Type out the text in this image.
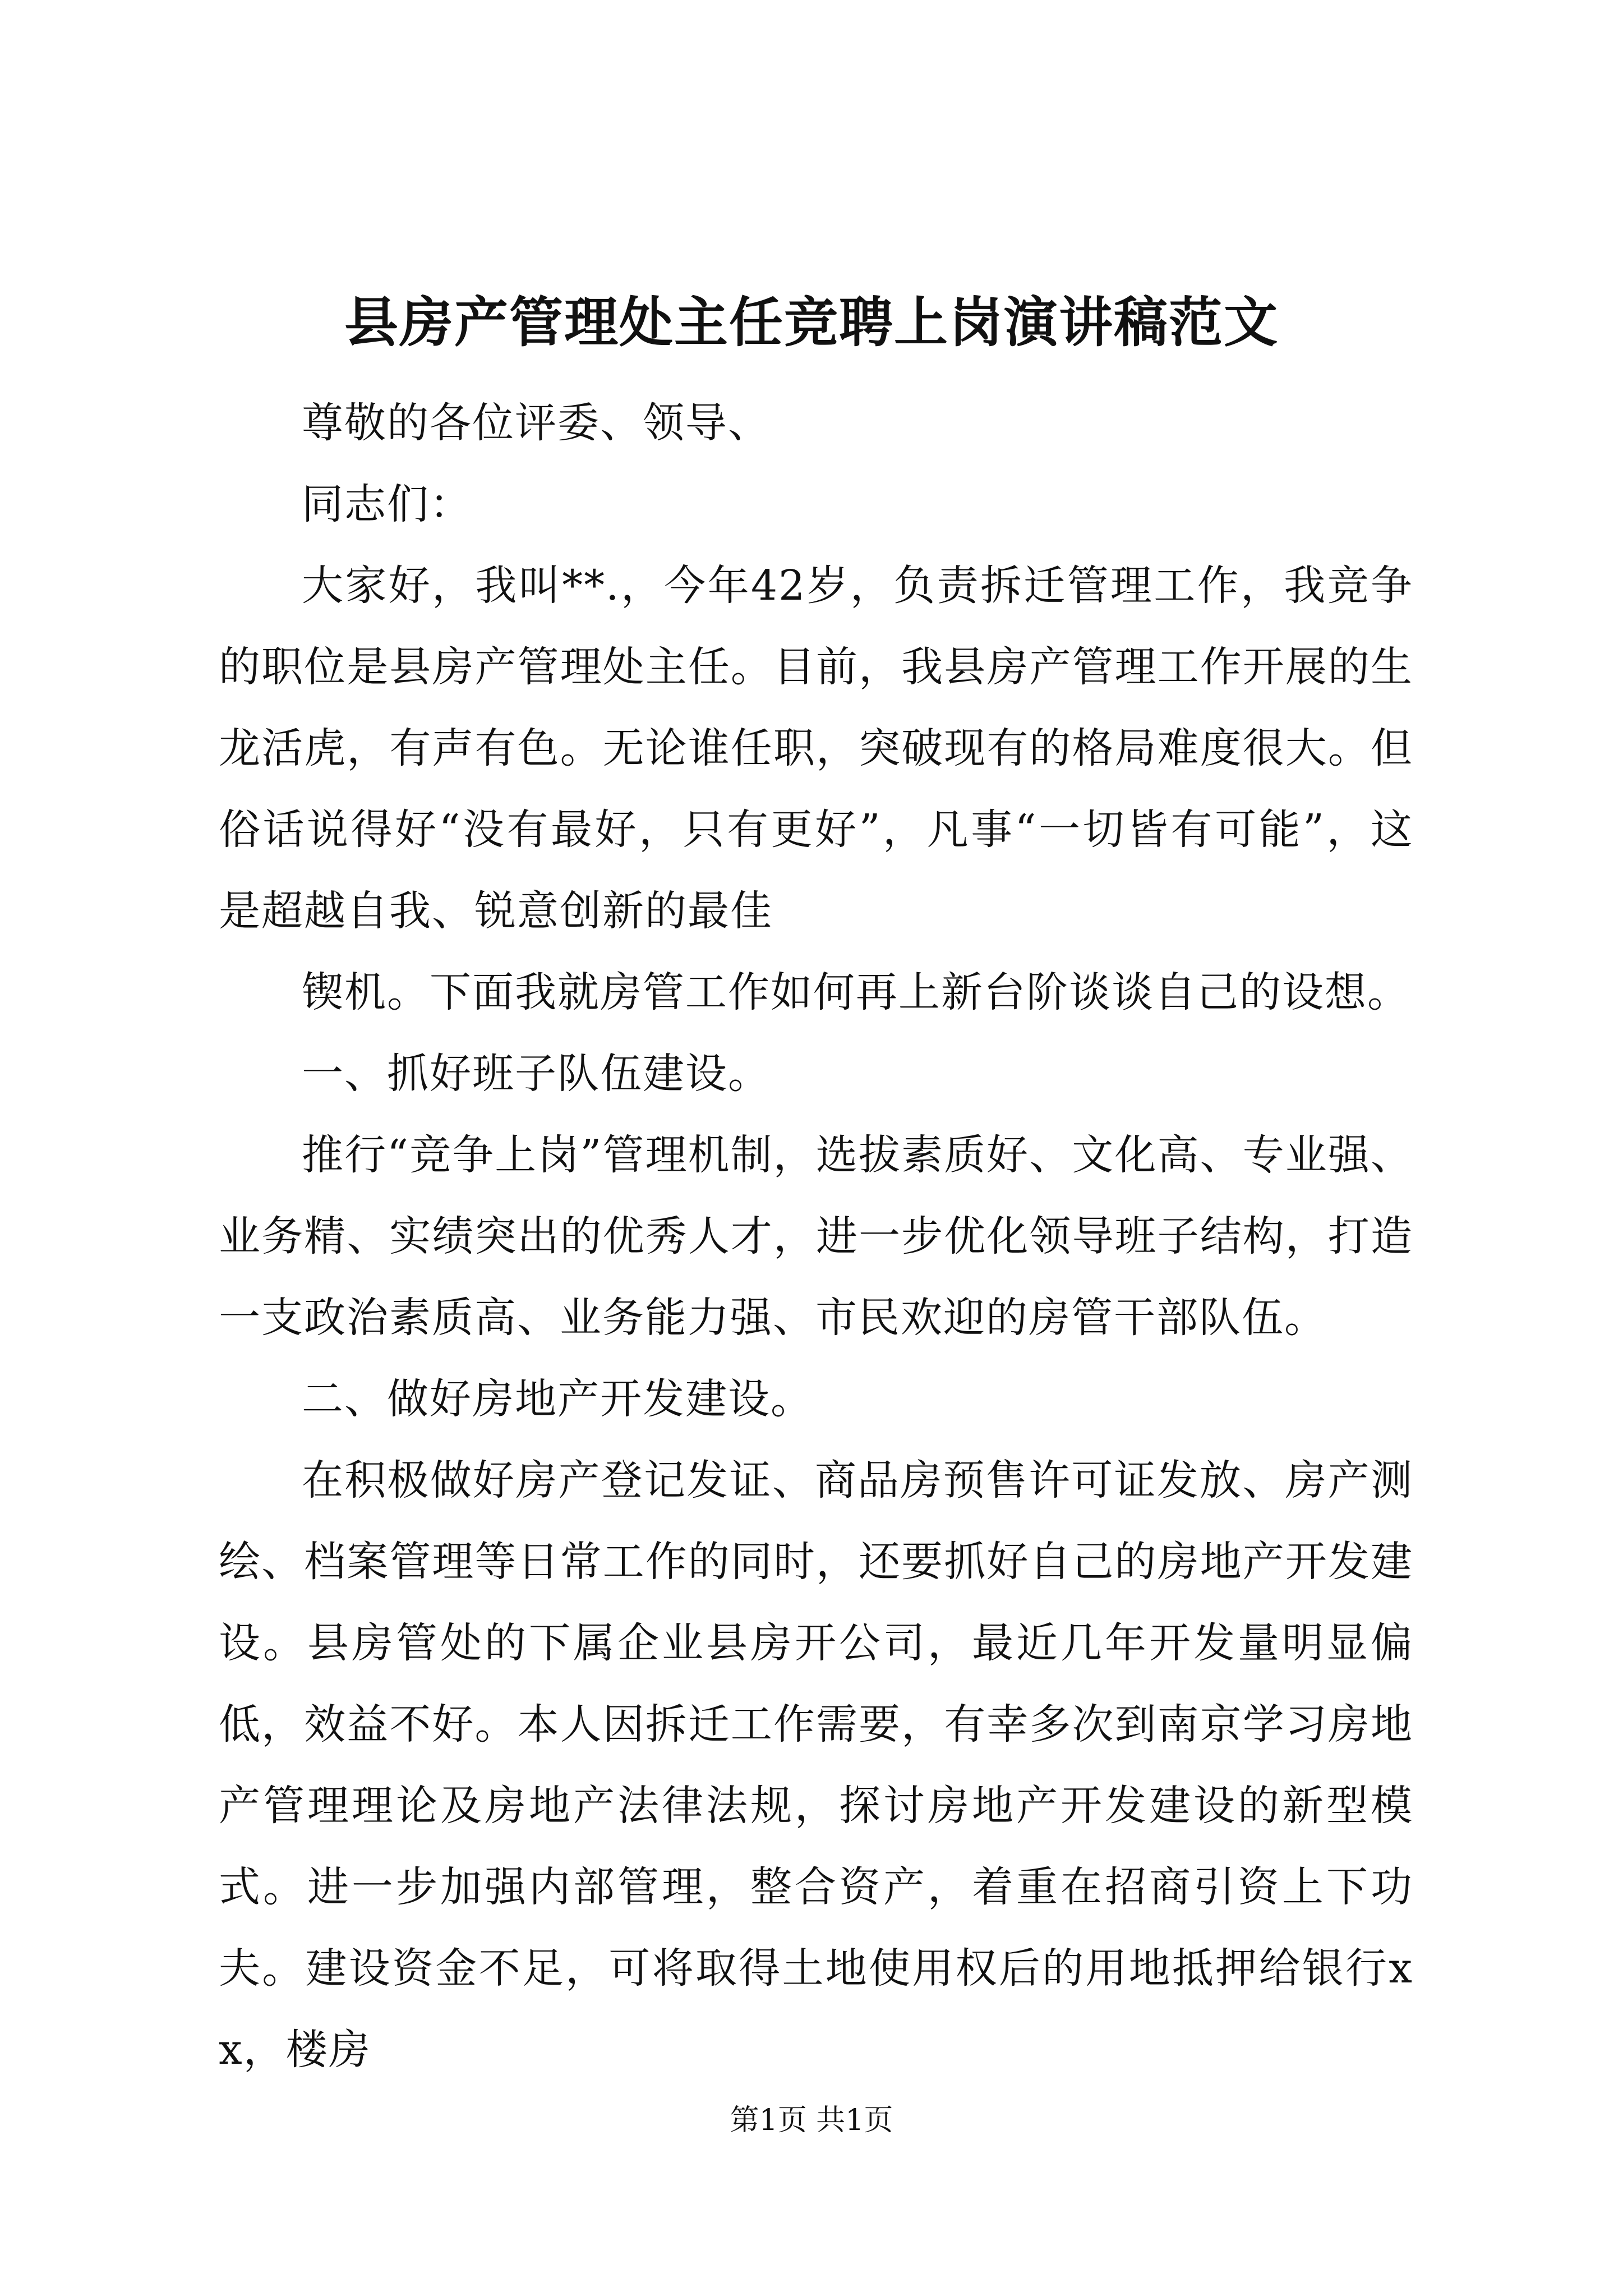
县房产管理处主任竞聘上岗演讲稿范文

尊敬的各位评委、领导、

同志们：

大家好，我叫**.，今年42岁，负责拆迁管理工作，我竞争的职位是县房产管理处主任。目前，我县房产管理工作开展的生龙活虎，有声有色。无论谁任职，突破现有的格局难度很大。但俗话说得好“没有最好，只有更好”，凡事“一切皆有可能”，这是超越自我、锐意创新的最佳

锲机。下面我就房管工作如何再上新台阶谈谈自己的设想。

一、抓好班子队伍建设。

推行“竞争上岗”管理机制，选拔素质好、文化高、专业强、业务精、实绩突出的优秀人才，进一步优化领导班子结构，打造一支政治素质高、业务能力强、市民欢迎的房管干部队伍。

二、做好房地产开发建设。

在积极做好房产登记发证、商品房预售许可证发放、房产测绘、档案管理等日常工作的同时，还要抓好自己的房地产开发建设。县房管处的下属企业县房开公司，最近几年开发量明显偏低，效益不好。本人因拆迁工作需要，有幸多次到南京学习房地产管理理论及房地产法律法规，探讨房地产开发建设的新型模式。进一步加强内部管理，整合资产，着重在招商引资上下功夫。建设资金不足，可将取得土地使用权后的用地抵押给银行xx，楼房

第1页 共1页
